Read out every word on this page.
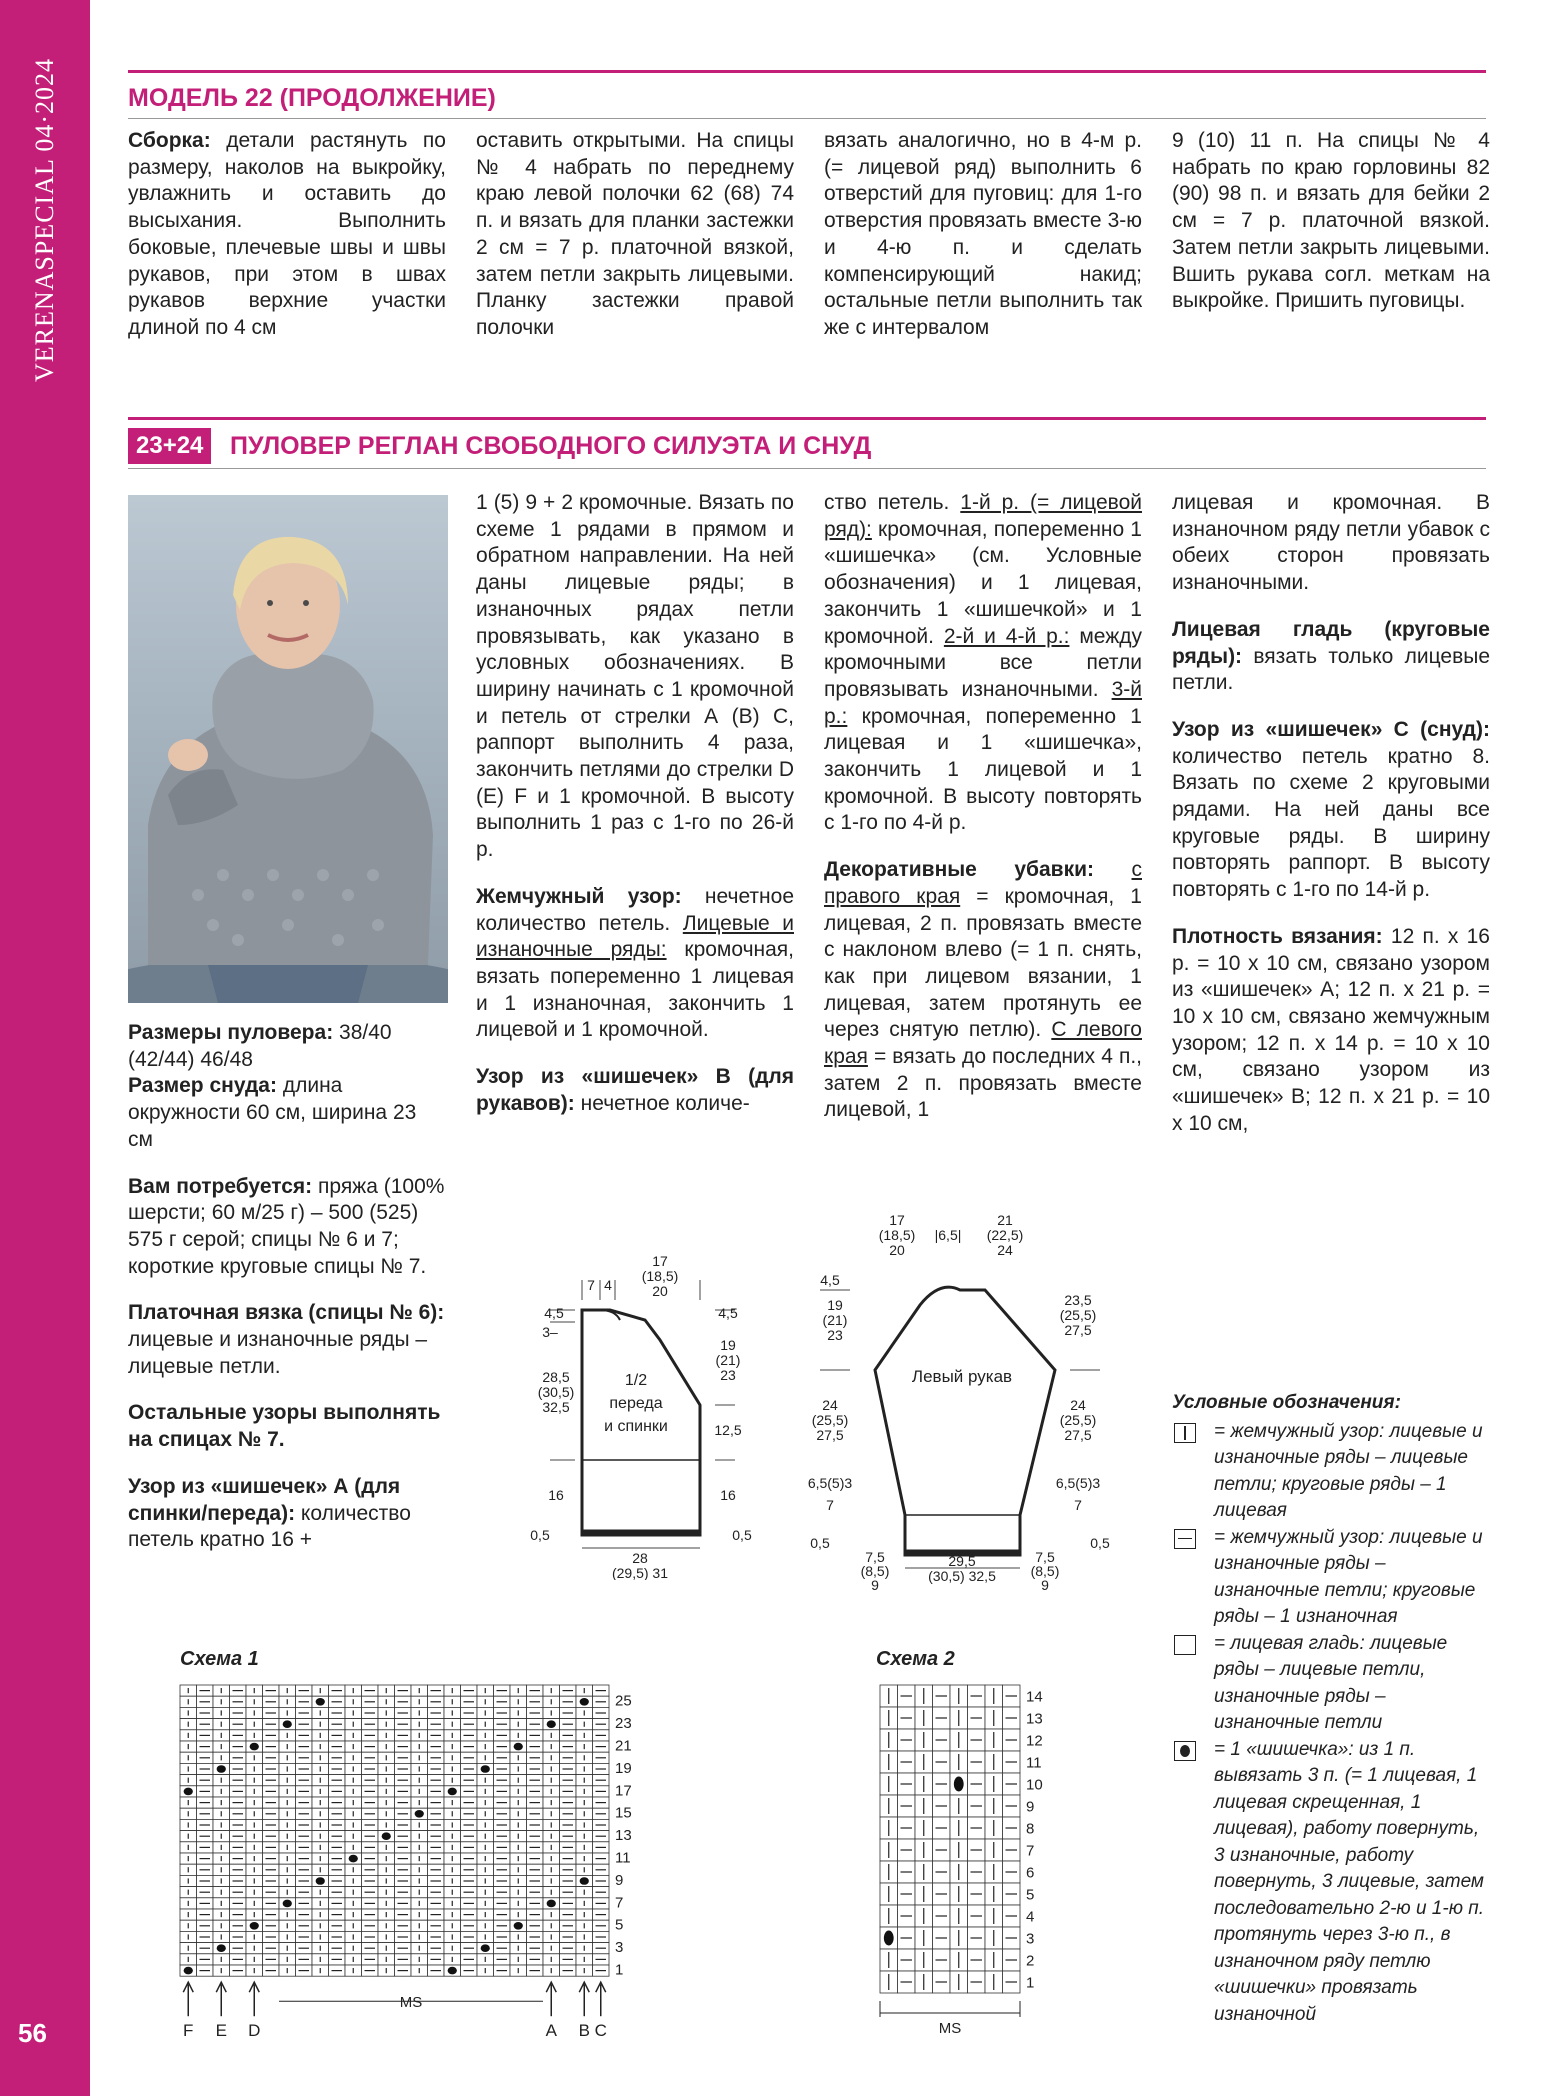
VERENASPECIAL 04·2024
56
МОДЕЛЬ 22 (ПРОДОЛЖЕНИЕ)
Сборка: детали растянуть по размеру, наколов на выкройку, увлажнить и оставить до высыхания. Выполнить боковые, плечевые швы и швы рукавов, при этом в швах рукавов верхние участки длиной по 4 см
оставить открытыми. На спицы № 4 набрать по переднему краю левой полочки 62 (68) 74 п. и вязать для планки застежки 2 см = 7 р. платочной вязкой, затем петли закрыть лицевыми. Планку застежки правой полочки
вязать аналогично, но в 4-м р. (= лицевой ряд) выполнить 6 отверстий для пуговиц: для 1-го отверстия провязать вместе 3-ю и 4-ю п. и сделать компенсирующий накид; остальные петли выполнить так же с интервалом
9 (10) 11 п. На спицы № 4 набрать по краю горловины 82 (90) 98 п. и вязать для бейки 2 см = 7 р. платочной вязкой. Затем петли закрыть лицевыми. Вшить рукава согл. меткам на выкройке. Пришить пуговицы.
23+24	ПУЛОВЕР РЕГЛАН СВОБОДНОГО СИЛУЭТА И СНУД

Размеры пуловера: 38/40 (42/44) 46/48

Размер снуда: длина окружности 60 см, ширина 23 см

Вам потребуется: пряжа (100% шерсти; 60 м/25 г) – 500 (525) 575 г серой; спицы № 6 и 7; короткие круговые спицы № 7.

Платочная вязка (спицы № 6): лицевые и изнаночные ряды – лицевые петли.

Остальные узоры выполнять на спицах № 7.

Узор из «шишечек» А (для спинки/переда): количество петель кратно 16 +

1 (5) 9 + 2 кромочные. Вязать по схеме 1 рядами в прямом и обратном направлении. На ней даны лицевые ряды; в изнаночных рядах петли провязывать, как указано в условных обозначениях. В ширину начинать с 1 кромочной и петель от стрелки А (В) С, раппорт выполнить 4 раза, закончить петлями до стрелки D (E) F и 1 кромочной. В высоту выполнить 1 раз с 1-го по 26-й р.

Жемчужный узор: нечетное количество петель. Лицевые и изнаночные ряды: кромочная, вязать попеременно 1 лицевая и 1 изнаночная, закончить 1 лицевой и 1 кромочной.

Узор из «шишечек» В (для рукавов): нечетное количе-

ство петель. 1-й р. (= лицевой ряд): кромочная, попеременно 1 «шишечка» (см. Условные обозначения) и 1 лицевая, закончить 1 «шишечкой» и 1 кромочной. 2-й и 4-й р.: между кромочными все петли провязывать изнаночными. 3-й р.: кромочная, попеременно 1 лицевая и 1 «шишечка», закончить 1 лицевой и 1 кромочной. В высоту повторять с 1-го по 4-й р.

Декоративные убавки: с правого края = кромочная, 1 лицевая, 2 п. провязать вместе с наклоном влево (= 1 п. снять, как при лицевом вязании, 1 лицевая, затем протянуть ее через снятую петлю). С левого края = вязать до последних 4 п., затем 2 п. провязать вместе лицевой, 1

лицевая и кромочная. В изнаночном ряду петли убавок с обеих сторон провязать изнаночными.

Лицевая гладь (круговые ряды): вязать только лицевые петли.

Узор из «шишечек» С (снуд): количество петель кратно 8. Вязать по схеме 2 круговыми рядами. На ней даны все круговые ряды. В ширину повторять раппорт. В высоту повторять с 1-го по 14-й р.

Плотность вязания: 12 п. x 16 р. = 10 x 10 см, связано узором из «шишечек» А; 12 п. x 21 р. = 10 x 10 см, связано жемчужным узором; 12 п. x 14 р. = 10 x 10 см, связано узором из «шишечек» В; 12 п. x 21 р. = 10 x 10 см,

7 4
17
(18,5)
20
4,5
3–
28,5
(30,5)
32,5
16
0,5
4,5
19
(21)
23
12,5
16
0,5
28
(29,5) 31
1/2
переда
и спинки
17
(18,5)
20
|6,5|
21
(22,5)
24
4,5
19
(21)
23
24
(25,5)
27,5
6,5(5)3
7
0,5
7,5
(8,5)
9
29,5
(30,5) 32,5
7,5
(8,5)
9
23,5
(25,5)
27,5
24
(25,5)
27,5
6,5(5)3
7
0,5
Левый рукав
Условные обозначения:
= жемчужный узор: лицевые и изнаночные ряды – лицевые петли; круговые ряды – 1 лицевая
= жемчужный узор: лицевые и изнаночные ряды – изнаночные петли; круговые ряды – 1 изнаночная
= лицевая гладь: лицевые ряды – лицевые петли, изнаночные ряды – изнаночные петли
= 1 «шишечка»: из 1 п. вывязать 3 п. (= 1 лицевая, 1 лицевая скрещенная, 1 лицевая), работу повернуть, 3 изнаночные, работу повернуть, 3 лицевые, затем последовательно 2-ю и 1-ю п. протянуть через 3-ю п., в изнаночном ряду петлю «шишечки» провязать изнаночной
Схема 1	Схема 2
25
23
21
19
17
15
13
11
9
7
5
3
1
F E D	A B C
MS
14
13
12
11
10
9
8
7
6
5
4
3
2
1
MS
